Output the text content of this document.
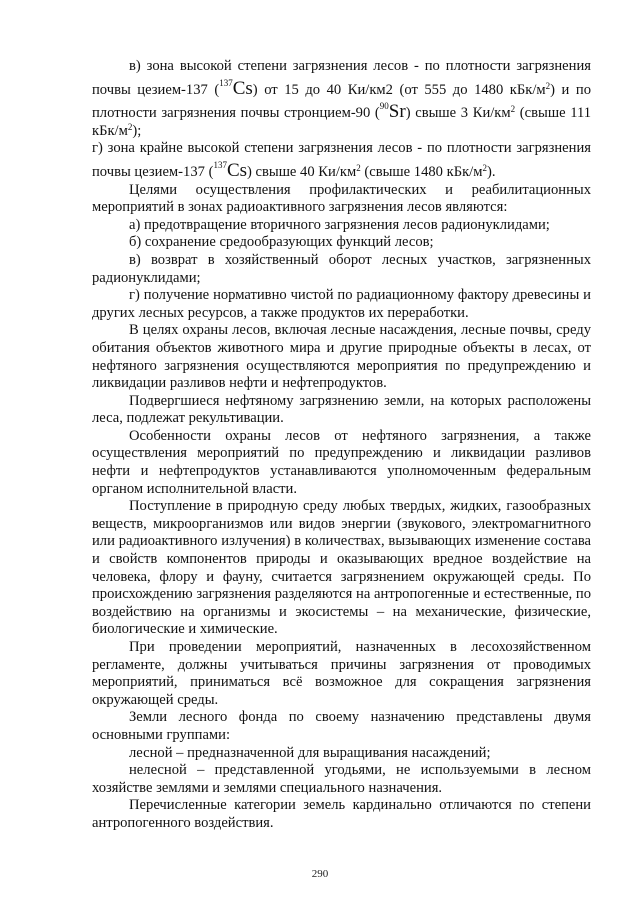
в) зона высокой степени загрязнения лесов - по плотности загрязнения почвы цезием-137 ($^{137}$Cs) от 15 до 40 Ки/км2 (от 555 до 1480 кБк/$м^2$) и по плотности загрязнения почвы стронцием-90 ($^{90}$Sr) свыше 3 $Ки/км^2$ (свыше 111 кБк/$м^2$);

г) зона крайне высокой степени загрязнения лесов - по плотности загрязнения почвы цезием-137 ($^{137}$Cs) свыше 40 $Ки/км^2$ (свыше 1480 кБк/$м^2$).

Целями осуществления профилактических и реабилитационных мероприятий в зонах радиоактивного загрязнения лесов являются:

а) предотвращение вторичного загрязнения лесов радионуклидами;

б) сохранение средообразующих функций лесов;

в) возврат в хозяйственный оборот лесных участков, загрязненных радионуклидами;

г) получение нормативно чистой по радиационному фактору древесины и других лесных ресурсов, а также продуктов их переработки.

В целях охраны лесов, включая лесные насаждения, лесные почвы, среду обитания объектов животного мира и другие природные объекты в лесах, от нефтяного загрязнения осуществляются мероприятия по предупреждению и ликвидации разливов нефти и нефтепродуктов.

Подвергшиеся нефтяному загрязнению земли, на которых расположены леса, подлежат рекультивации.

Особенности охраны лесов от нефтяного загрязнения, а также осуществления мероприятий по предупреждению и ликвидации разливов нефти и нефтепродуктов устанавливаются уполномоченным федеральным органом исполнительной власти.

Поступление в природную среду любых твердых, жидких, газообразных веществ, микроорганизмов или видов энергии (звукового, электромагнитного или радиоактивного излучения) в количествах, вызывающих изменение состава и свойств компонентов природы и оказывающих вредное воздействие на человека, флору и фауну, считается загрязнением окружающей среды. По происхождению загрязнения разделяются на антропогенные и естественные, по воздействию на организмы и экосистемы – на механические, физические, биологические и химические.

При проведении мероприятий, назначенных в лесохозяйственном регламенте, должны учитываться причины загрязнения от проводимых мероприятий, приниматься всё возможное для сокращения загрязнения окружающей среды.

Земли лесного фонда по своему назначению представлены двумя основными группами:

лесной – предназначенной для выращивания насаждений;

нелесной – представленной угодьями, не используемыми в лесном хозяйстве землями и землями специального назначения.

Перечисленные категории земель кардинально отличаются по степени антропогенного воздействия.

290
